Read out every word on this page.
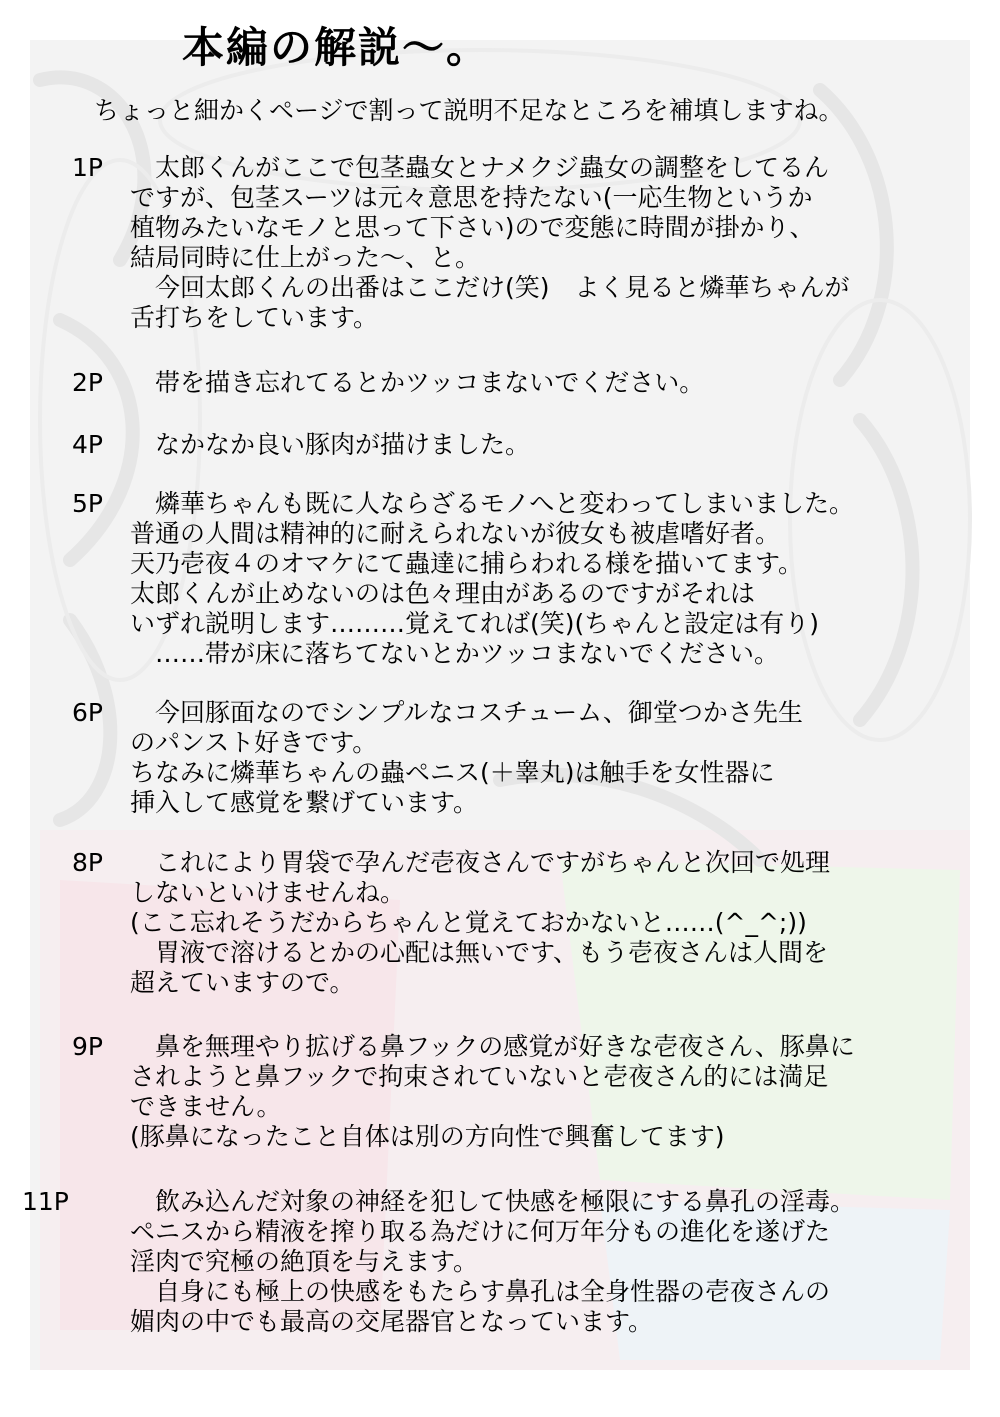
本編の解説～。
ちょっと細かくページで割って説明不足なところを補填しますね。
1P 　太郎くんがここで包茎蟲女とナメクジ蟲女の調整をしてるん
ですが、包茎スーツは元々意思を持たない(一応生物というか
植物みたいなモノと思って下さい)ので変態に時間が掛かり、
結局同時に仕上がった～、と。
　今回太郎くんの出番はここだけ(笑)　よく見ると燐華ちゃんが
舌打ちをしています。
2P 　帯を描き忘れてるとかツッコまないでください。
4P 　なかなか良い豚肉が描けました。
5P 　燐華ちゃんも既に人ならざるモノへと変わってしまいました。
普通の人間は精神的に耐えられないが彼女も被虐嗜好者。
天乃壱夜４のオマケにて蟲達に捕らわれる様を描いてます。
太郎くんが止めないのは色々理由があるのですがそれは
いずれ説明します………覚えてれば(笑)(ちゃんと設定は有り)
　……帯が床に落ちてないとかツッコまないでください。
6P 　今回豚面なのでシンプルなコスチューム、御堂つかさ先生
のパンスト好きです。
ちなみに燐華ちゃんの蟲ペニス(＋睾丸)は触手を女性器に
挿入して感覚を繋げています。
8P 　これにより胃袋で孕んだ壱夜さんですがちゃんと次回で処理
しないといけませんね。
(ここ忘れそうだからちゃんと覚えておかないと……(^_^;))
　胃液で溶けるとかの心配は無いです、もう壱夜さんは人間を
超えていますので。
9P 　鼻を無理やり拡げる鼻フックの感覚が好きな壱夜さん、豚鼻に
されようと鼻フックで拘束されていないと壱夜さん的には満足
できません。
(豚鼻になったこと自体は別の方向性で興奮してます)
11P 　飲み込んだ対象の神経を犯して快感を極限にする鼻孔の淫毒。
ペニスから精液を搾り取る為だけに何万年分もの進化を遂げた
淫肉で究極の絶頂を与えます。
　自身にも極上の快感をもたらす鼻孔は全身性器の壱夜さんの
媚肉の中でも最高の交尾器官となっています。
